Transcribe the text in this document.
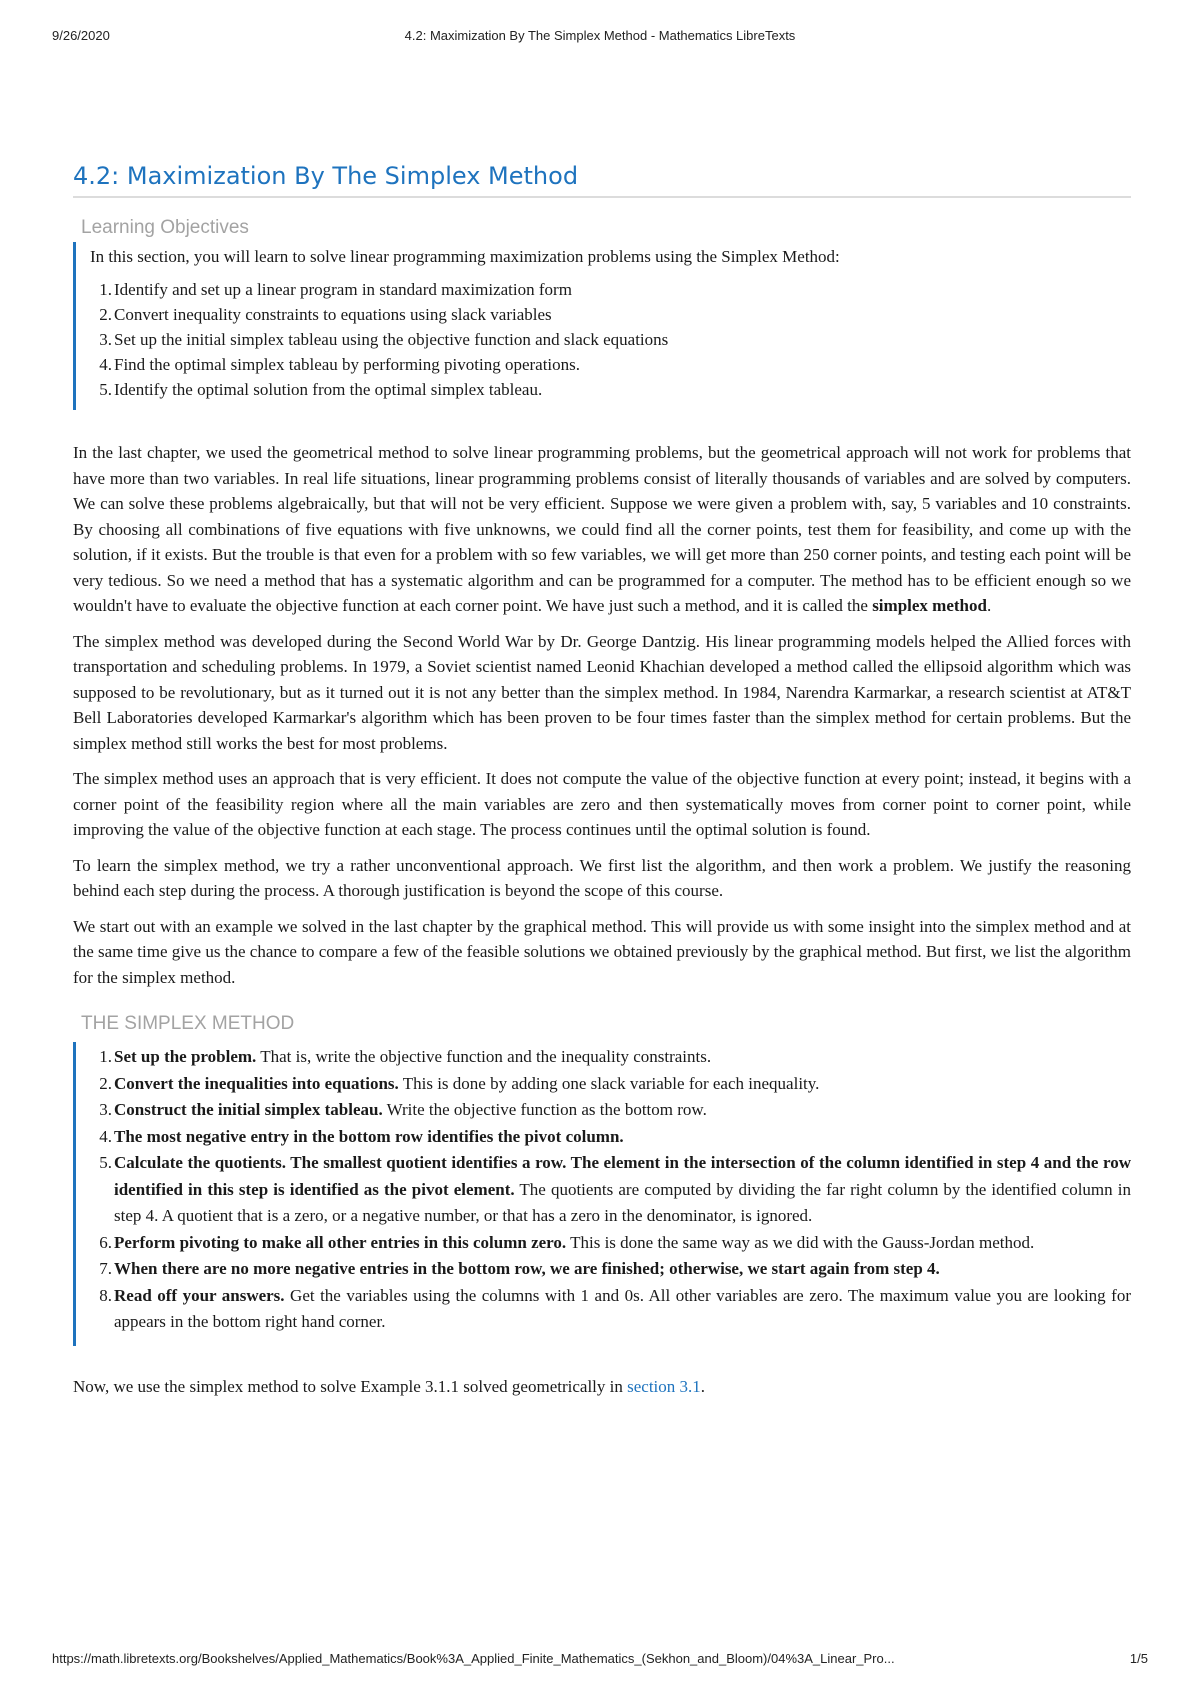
9/26/2020	4.2: Maximization By The Simplex Method - Mathematics LibreTexts
4.2: Maximization By The Simplex Method
Learning Objectives

In this section, you will learn to solve linear programming maximization problems using the Simplex Method:

1. Identify and set up a linear program in standard maximization form
2. Convert inequality constraints to equations using slack variables
3. Set up the initial simplex tableau using the objective function and slack equations
4. Find the optimal simplex tableau by performing pivoting operations.
5. Identify the optimal solution from the optimal simplex tableau.

In the last chapter, we used the geometrical method to solve linear programming problems, but the geometrical approach will not work for problems that have more than two variables. In real life situations, linear programming problems consist of literally thousands of variables and are solved by computers. We can solve these problems algebraically, but that will not be very efficient. Suppose we were given a problem with, say, 5 variables and 10 constraints. By choosing all combinations of five equations with five unknowns, we could find all the corner points, test them for feasibility, and come up with the solution, if it exists. But the trouble is that even for a problem with so few variables, we will get more than 250 corner points, and testing each point will be very tedious. So we need a method that has a systematic algorithm and can be programmed for a computer. The method has to be efficient enough so we wouldn't have to evaluate the objective function at each corner point. We have just such a method, and it is called the simplex method.

The simplex method was developed during the Second World War by Dr. George Dantzig. His linear programming models helped the Allied forces with transportation and scheduling problems. In 1979, a Soviet scientist named Leonid Khachian developed a method called the ellipsoid algorithm which was supposed to be revolutionary, but as it turned out it is not any better than the simplex method. In 1984, Narendra Karmarkar, a research scientist at AT&T Bell Laboratories developed Karmarkar's algorithm which has been proven to be four times faster than the simplex method for certain problems. But the simplex method still works the best for most problems.

The simplex method uses an approach that is very efficient. It does not compute the value of the objective function at every point; instead, it begins with a corner point of the feasibility region where all the main variables are zero and then systematically moves from corner point to corner point, while improving the value of the objective function at each stage. The process continues until the optimal solution is found.

To learn the simplex method, we try a rather unconventional approach. We first list the algorithm, and then work a problem. We justify the reasoning behind each step during the process. A thorough justification is beyond the scope of this course.

We start out with an example we solved in the last chapter by the graphical method. This will provide us with some insight into the simplex method and at the same time give us the chance to compare a few of the feasible solutions we obtained previously by the graphical method. But first, we list the algorithm for the simplex method.

THE SIMPLEX METHOD
1. Set up the problem. That is, write the objective function and the inequality constraints.
2. Convert the inequalities into equations. This is done by adding one slack variable for each inequality.
3. Construct the initial simplex tableau. Write the objective function as the bottom row.
4. The most negative entry in the bottom row identifies the pivot column.
5. Calculate the quotients. The smallest quotient identifies a row. The element in the intersection of the column identified in step 4 and the row identified in this step is identified as the pivot element. The quotients are computed by dividing the far right column by the identified column in step 4. A quotient that is a zero, or a negative number, or that has a zero in the denominator, is ignored.
6. Perform pivoting to make all other entries in this column zero. This is done the same way as we did with the Gauss-Jordan method.
7. When there are no more negative entries in the bottom row, we are finished; otherwise, we start again from step 4.
8. Read off your answers. Get the variables using the columns with 1 and 0s. All other variables are zero. The maximum value you are looking for appears in the bottom right hand corner.

Now, we use the simplex method to solve Example 3.1.1 solved geometrically in section 3.1.

https://math.libretexts.org/Bookshelves/Applied_Mathematics/Book%3A_Applied_Finite_Mathematics_(Sekhon_and_Bloom)/04%3A_Linear_Pro...	1/5
